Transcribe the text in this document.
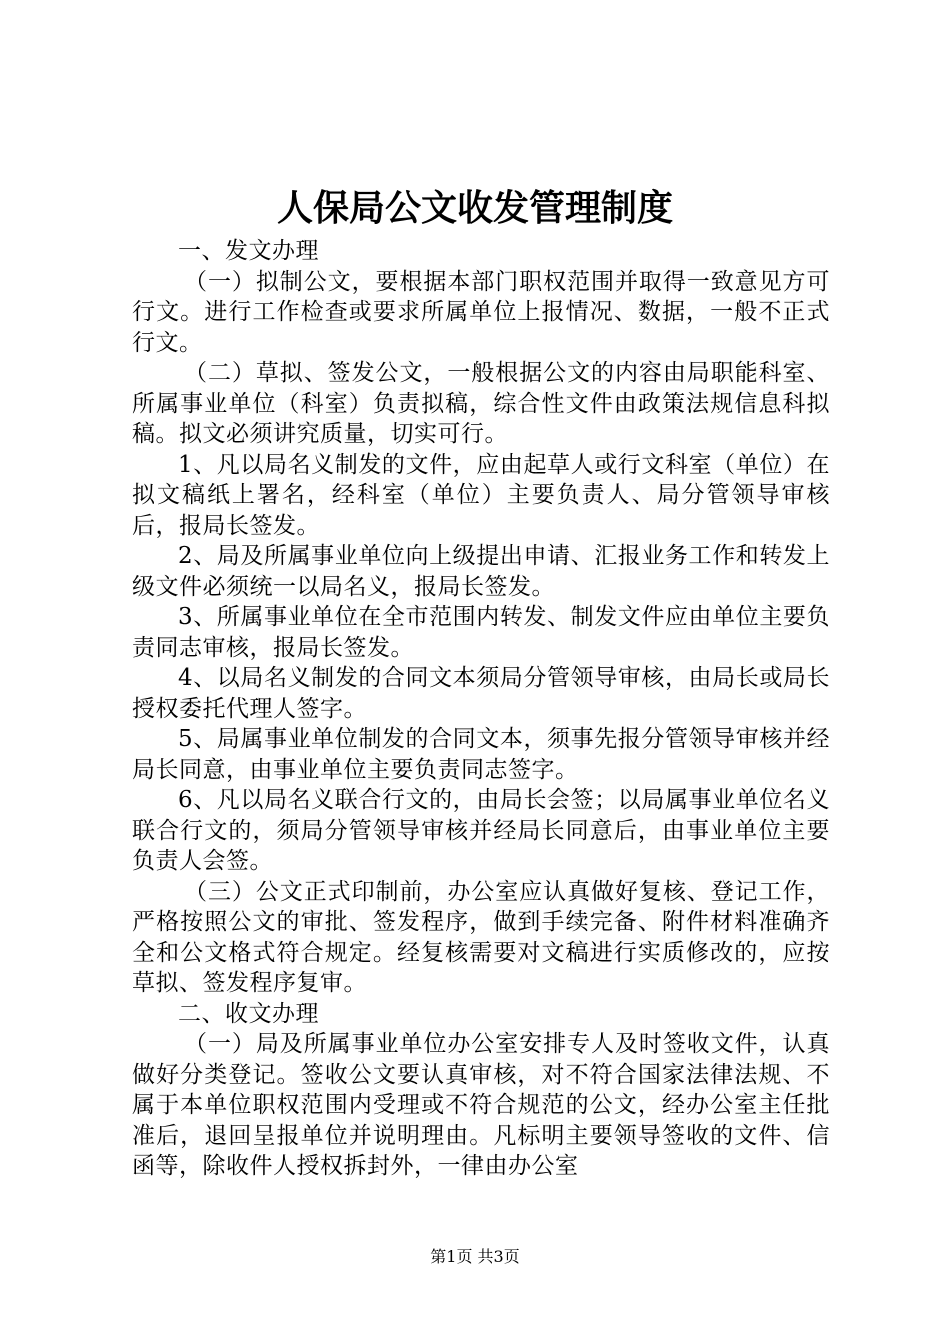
人保局公文收发管理制度

一、发文办理

（一）拟制公文，要根据本部门职权范围并取得一致意见方可行文。进行工作检查或要求所属单位上报情况、数据，一般不正式行文。

（二）草拟、签发公文，一般根据公文的内容由局职能科室、所属事业单位（科室）负责拟稿，综合性文件由政策法规信息科拟稿。拟文必须讲究质量，切实可行。

1、凡以局名义制发的文件，应由起草人或行文科室（单位）在拟文稿纸上署名，经科室（单位）主要负责人、局分管领导审核后，报局长签发。

2、局及所属事业单位向上级提出申请、汇报业务工作和转发上级文件必须统一以局名义，报局长签发。

3、所属事业单位在全市范围内转发、制发文件应由单位主要负责同志审核，报局长签发。

4、以局名义制发的合同文本须局分管领导审核，由局长或局长授权委托代理人签字。

5、局属事业单位制发的合同文本，须事先报分管领导审核并经局长同意，由事业单位主要负责同志签字。

6、凡以局名义联合行文的，由局长会签；以局属事业单位名义联合行文的，须局分管领导审核并经局长同意后，由事业单位主要负责人会签。

（三）公文正式印制前，办公室应认真做好复核、登记工作，严格按照公文的审批、签发程序，做到手续完备、附件材料准确齐全和公文格式符合规定。经复核需要对文稿进行实质修改的，应按草拟、签发程序复审。

二、收文办理

（一）局及所属事业单位办公室安排专人及时签收文件，认真做好分类登记。签收公文要认真审核，对不符合国家法律法规、不属于本单位职权范围内受理或不符合规范的公文，经办公室主任批准后，退回呈报单位并说明理由。凡标明主要领导签收的文件、信函等，除收件人授权拆封外，一律由办公室

第1页 共3页
